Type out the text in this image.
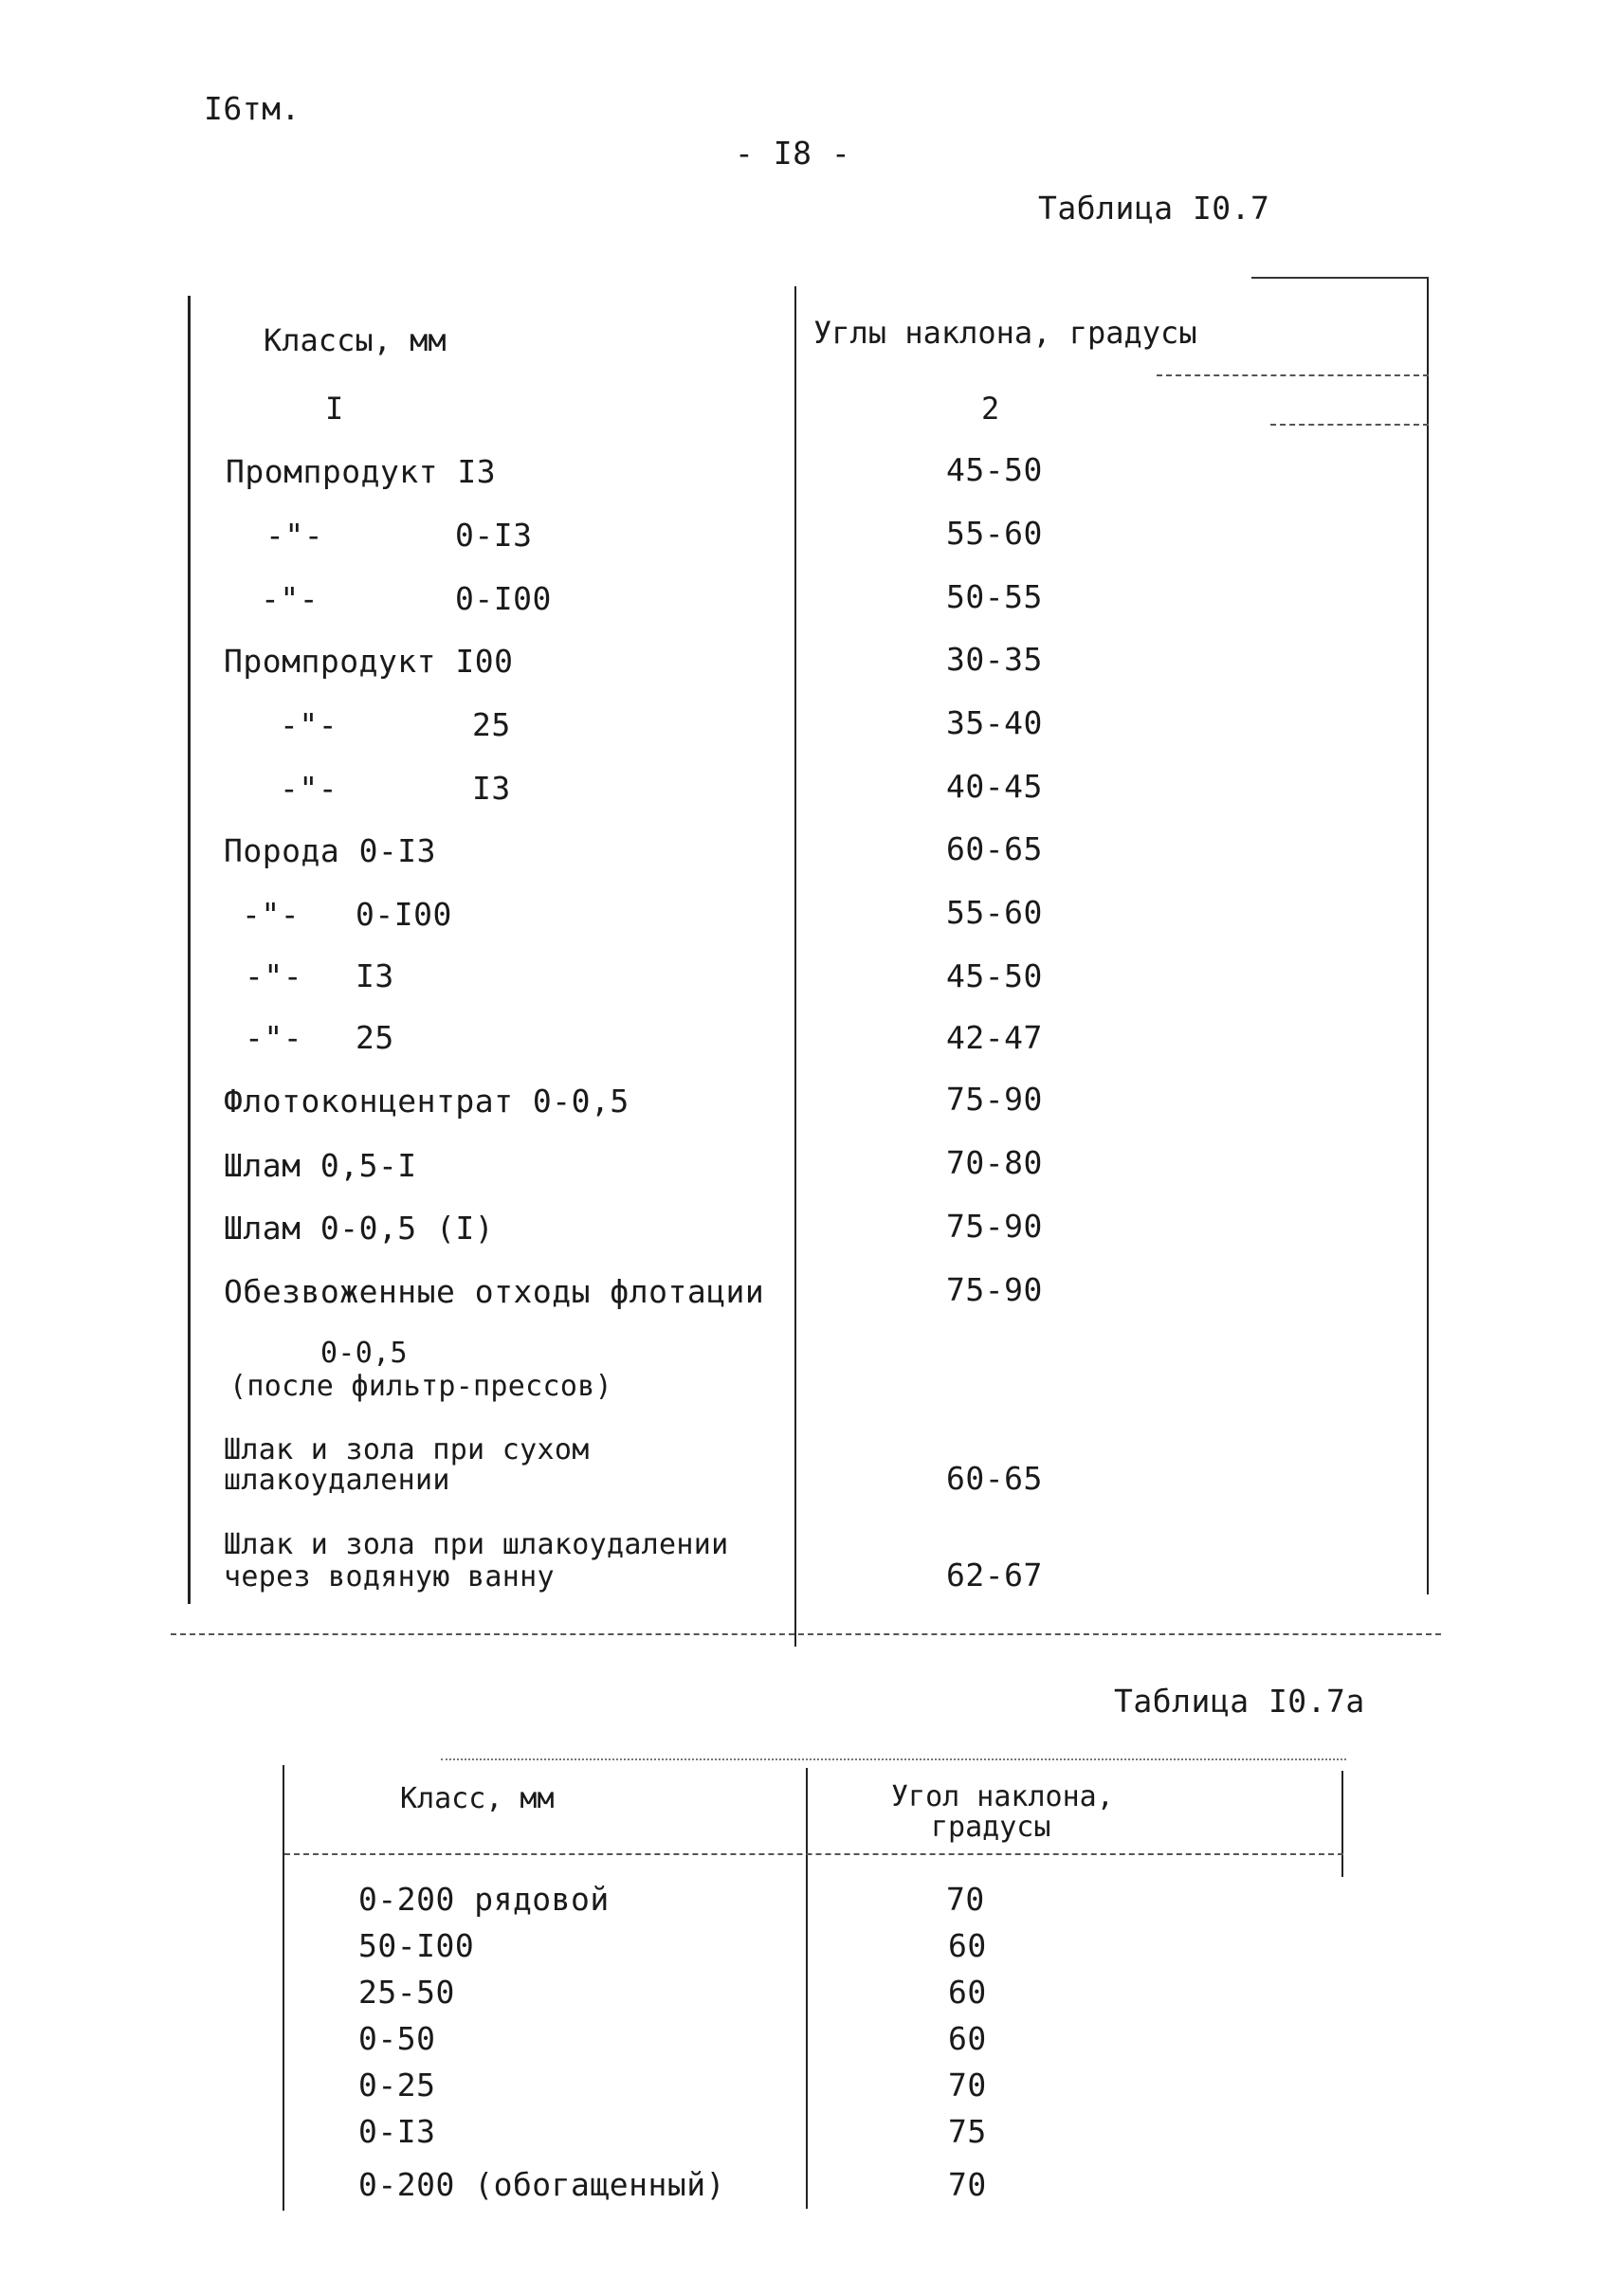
I6тм.
- I8 -
Таблица I0.7
Классы, мм	Углы наклона, градусы
I	2
Промпродукт I3	45-50
-"-	0-I3	55-60
-"-	0-I00	50-55
Промпродукт I00	30-35
-"-	25	35-40
-"-	I3	40-45
Порода 0-I3	60-65
-"- 0-I00	55-60
-"- I3	45-50
-"- 25	42-47
Флотоконцентрат 0-0,5	75-90
Шлам 0,5-I	70-80
Шлам 0-0,5 (I)	75-90
Обезвоженные отходы флотации	75-90
0-0,5
(после фильтр-прессов)
Шлак и зола при сухом
шлакоудалении	60-65
Шлак и зола при шлакоудалении
через водяную ванну	62-67
Таблица I0.7а
Класс, мм	Угол наклона,
градусы
0-200 рядовой	70
50-I00	60
25-50	60
0-50	60
0-25	70
0-I3	75
0-200 (обогащенный)	70
